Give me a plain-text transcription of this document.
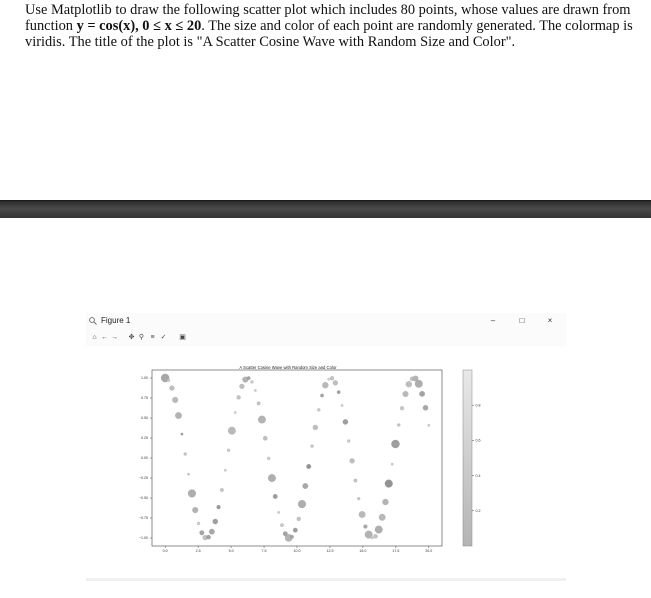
Use Matplotlib to draw the following scatter plot which includes 80 points, whose values are drawn from function y = cos(x), 0 ≤ x ≤ 20. The size and color of each point are randomly generated. The colormap is viridis. The title of the plot is "A Scatter Cosine Wave with Random Size and Color".

Figure 1	–	□	×
⌂ ← → ✥ ⚲ ≡ ✓ ▣
A Scatter Cosine Wave with Random Size and Color
1.00
0.75
0.50
0.25
0.00
−0.25
−0.50
−0.75
−1.00
0.0	2.5	5.0	7.5	10.0	12.5	15.0	17.5	20.0
0.8
0.6
0.4
0.2
